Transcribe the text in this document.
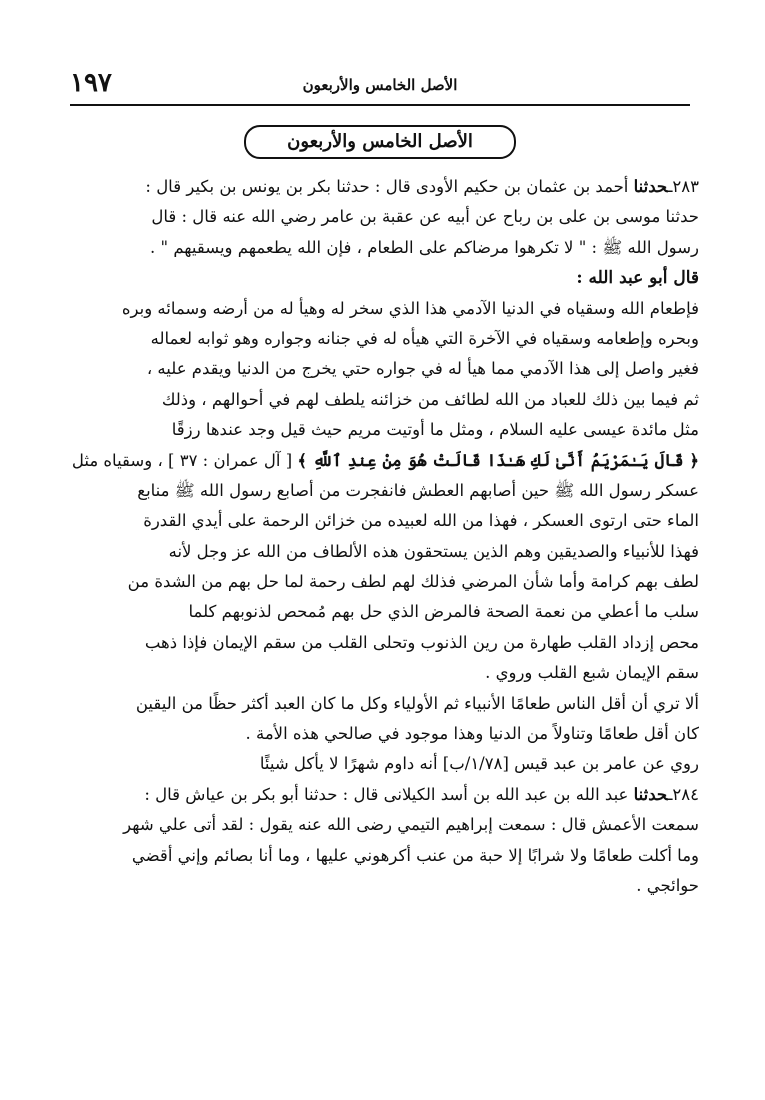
١٩٧	الأصل الخامس والأربعون
الأصل الخامس والأربعون
٢٨٣ـحدثنا أحمد بن عثمان بن حكيم الأودى قال : حدثنا بكر بن يونس بن بكير قال :
حدثنا موسى بن على بن رباح عن أبيه عن عقبة بن عامر رضي الله عنه قال : قال
رسول الله ﷺ : " لا تكرهوا مرضاكم على الطعام ، فإن الله يطعمهم ويسقيهم " .
قال أبو عبد الله :
فإطعام الله وسقياه في الدنيا الآدمي هذا الذي سخر له وهيأ له من أرضه وسمائه وبره
وبحره وإطعامه وسقياه في الآخرة التي هيأه له في جنانه وجواره وهو ثوابه لعماله
فغير واصل إلى هذا الآدمي مما هيأ له في جواره حتي يخرج من الدنيا ويقدم عليه ،
ثم فيما بين ذلك للعباد من الله لطائف من خزائنه يلطف لهم في أحوالهم ، وذلك
مثل مائدة عيسى عليه السلام ، ومثل ما أوتيت مريم حيث قيل وجد عندها رزقًا
﴿ قَالَ يَـٰمَرْيَمُ أَنَّىٰ لَكِ هَـٰذَا قَالَتْ هُوَ مِنْ عِندِ ٱللَّهِ ﴾ [ آل عمران : ٣٧ ] ، وسقياه مثل
عسكر رسول الله ﷺ حين أصابهم العطش فانفجرت من أصابع رسول الله ﷺ منابع
الماء حتى ارتوى العسكر ، فهذا من الله لعبيده من خزائن الرحمة على أيدي القدرة
فهذا للأنبياء والصديقين وهم الذين يستحقون هذه الألطاف من الله عز وجل لأنه
لطف بهم كرامة وأما شأن المرضي فذلك لهم لطف رحمة لما حل بهم من الشدة من
سلب ما أعطي من نعمة الصحة فالمرض الذي حل بهم مُمحص لذنوبهم كلما
محص إزداد القلب طهارة من رين الذنوب وتحلى القلب من سقم الإيمان فإذا ذهب
سقم الإيمان شبع القلب وروي .
ألا تري أن أقل الناس طعامًا الأنبياء ثم الأولياء وكل ما كان العبد أكثر حظًا من اليقين
كان أقل طعامًا وتناولاً من الدنيا وهذا موجود في صالحي هذه الأمة .
روي عن عامر بن عبد قيس [١/٧٨/ب] أنه داوم شهرًا لا يأكل شيئًا
٢٨٤ـحدثنا عبد الله بن عبد الله بن أسد الكيلانى قال : حدثنا أبو بكر بن عياش قال :
سمعت الأعمش قال : سمعت إبراهيم التيمي رضى الله عنه يقول : لقد أتى علي شهر
وما أكلت طعامًا ولا شرابًا إلا حبة من عنب أكرهوني عليها ، وما أنا بصائم وإني أقضي
حوائجي .
